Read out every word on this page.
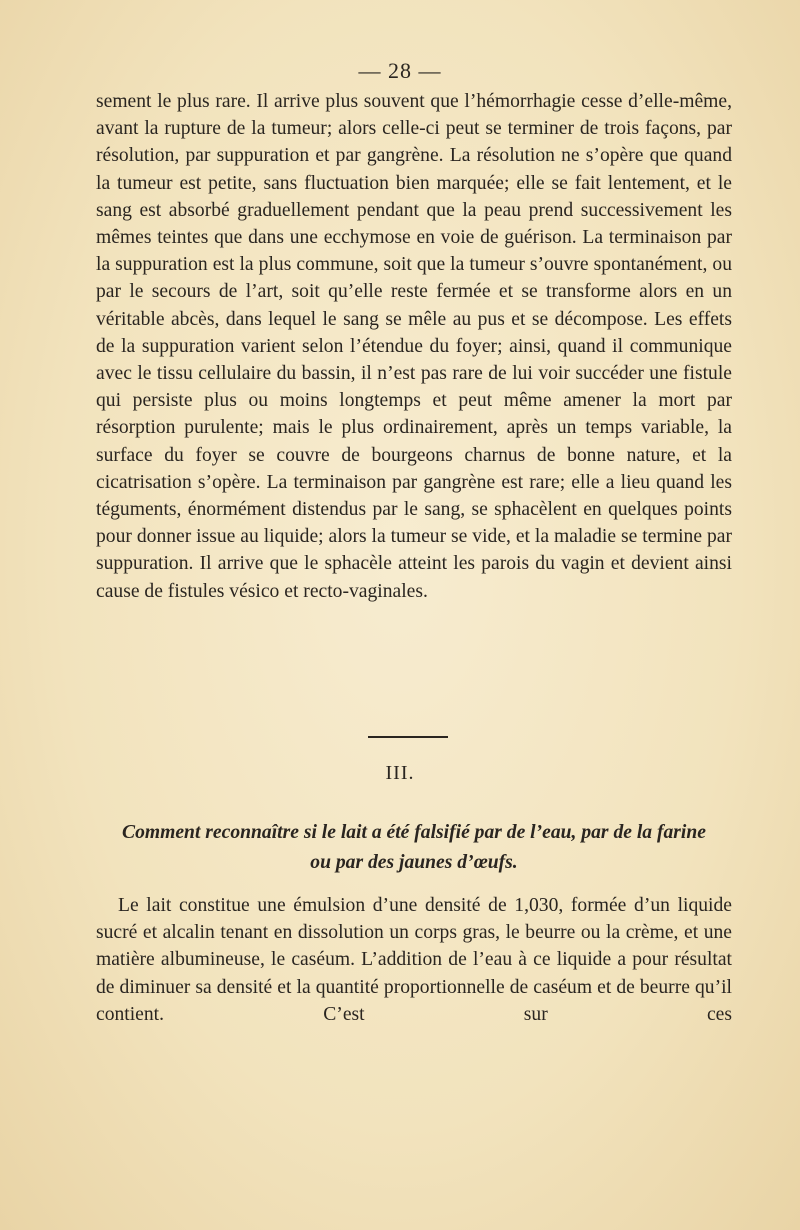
— 28 —

sement le plus rare. Il arrive plus souvent que l’hémorrhagie cesse d’elle-même, avant la rupture de la tumeur; alors celle-ci peut se terminer de trois façons, par résolution, par suppuration et par gangrène. La résolution ne s’opère que quand la tumeur est petite, sans fluctuation bien marquée; elle se fait lentement, et le sang est absorbé graduellement pendant que la peau prend successivement les mêmes teintes que dans une ecchymose en voie de guérison. La terminaison par la suppuration est la plus commune, soit que la tumeur s’ouvre spontanément, ou par le secours de l’art, soit qu’elle reste fermée et se transforme alors en un véritable abcès, dans lequel le sang se mêle au pus et se décompose. Les effets de la suppuration varient selon l’étendue du foyer; ainsi, quand il communique avec le tissu cellulaire du bassin, il n’est pas rare de lui voir succéder une fistule qui persiste plus ou moins longtemps et peut même amener la mort par résorption purulente; mais le plus ordinairement, après un temps variable, la surface du foyer se couvre de bourgeons charnus de bonne nature, et la cicatrisation s’opère. La terminaison par gangrène est rare; elle a lieu quand les téguments, énormément distendus par le sang, se sphacèlent en quelques points pour donner issue au liquide; alors la tumeur se vide, et la maladie se termine par suppuration. Il arrive que le sphacèle atteint les parois du vagin et devient ainsi cause de fistules vésico et recto-vaginales.

III.
Comment reconnaître si le lait a été falsifié par de l’eau, par de la farine
ou par des jaunes d’œufs.

Le lait constitue une émulsion d’une densité de 1,030, formée d’un liquide sucré et alcalin tenant en dissolution un corps gras, le beurre ou la crème, et une matière albumineuse, le caséum. L’addition de l’eau à ce liquide a pour résultat de diminuer sa densité et la quantité proportionnelle de caséum et de beurre qu’il contient. C’est sur ces
